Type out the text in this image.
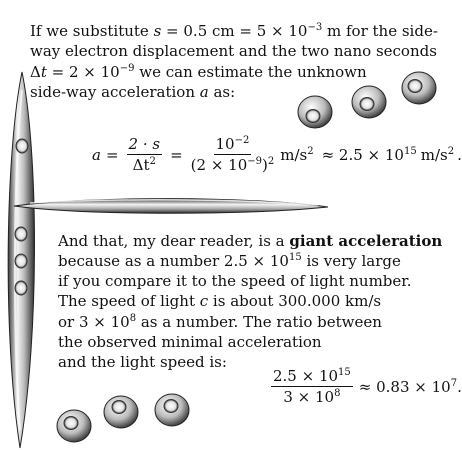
If we substitute s = 0.5 cm = $5 \times 10^{-3}$ m for the side-
way electron displacement and the two nano seconds
$\Delta t = 2 \times 10^{-9}$ we can estimate the unknown
side-way acceleration a as:
$a = \frac{2 \cdot s}{\Delta t^2} = \frac{10^{-2}}{(2 \times 10^{-9})^2} m/s^2 \approx 2.5 \times 10^{15}$ $m/s^2$ .
And that, my dear reader, is a giant acceleration
because as a number $2.5 \times 10^{15}$ is very large
if you compare it to the speed of light number.
The speed of light c is about 300.000 km/s
or $3 \times 10^8$ as a number. The ratio between
the observed minimal acceleration
and the light speed is:
$\frac{2.5 \times 10^{15}}{3 \times 10^8} \approx 0.83 \times 10^7$ .
